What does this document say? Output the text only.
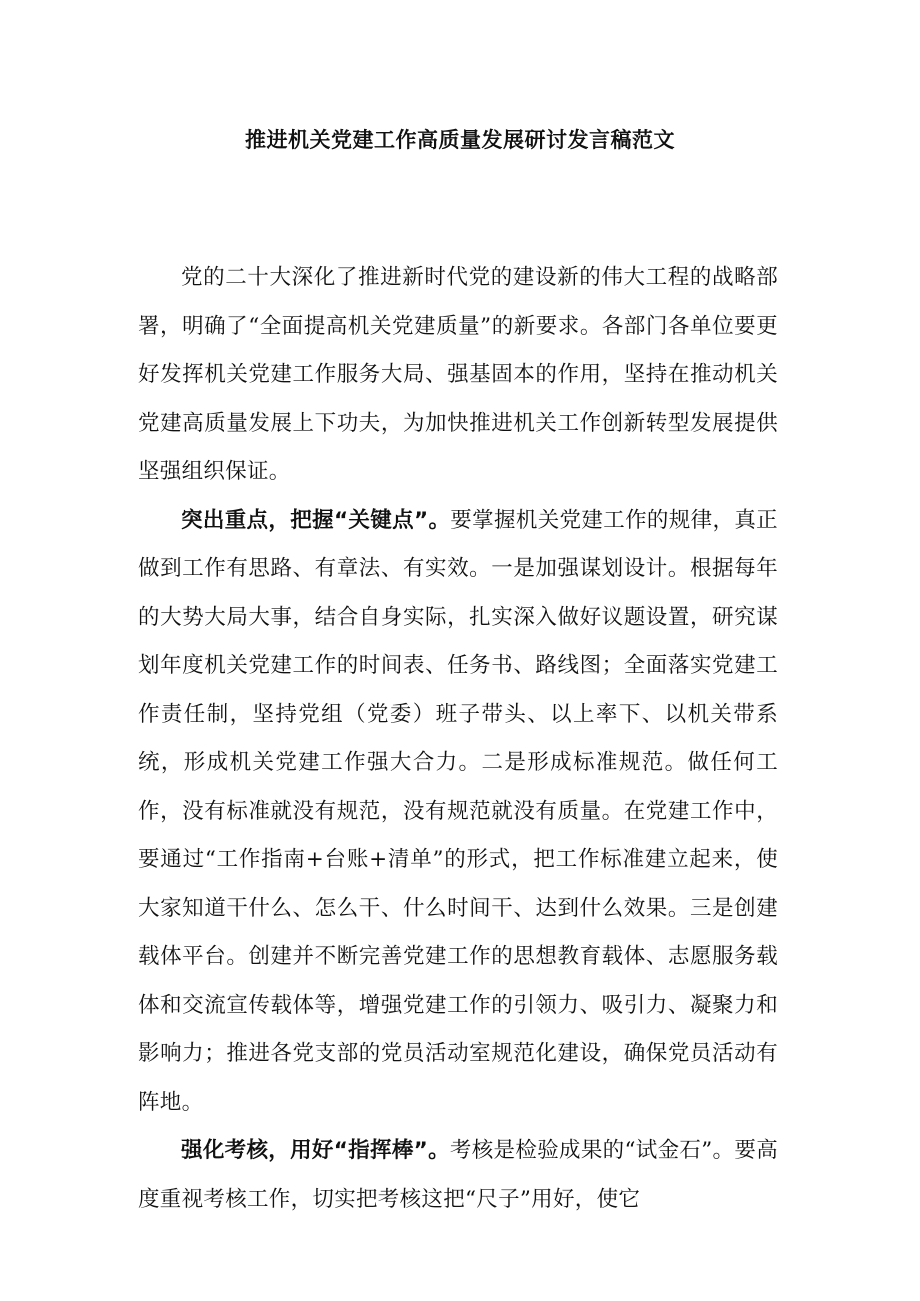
推进机关党建工作高质量发展研讨发言稿范文

党的二十大深化了推进新时代党的建设新的伟大工程的战略部署，明确了“全面提高机关党建质量”的新要求。各部门各单位要更好发挥机关党建工作服务大局、强基固本的作用，坚持在推动机关党建高质量发展上下功夫，为加快推进机关工作创新转型发展提供坚强组织保证。

突出重点，把握“关键点”。要掌握机关党建工作的规律，真正做到工作有思路、有章法、有实效。一是加强谋划设计。根据每年的大势大局大事，结合自身实际，扎实深入做好议题设置，研究谋划年度机关党建工作的时间表、任务书、路线图；全面落实党建工作责任制，坚持党组（党委）班子带头、以上率下、以机关带系统，形成机关党建工作强大合力。二是形成标准规范。做任何工作，没有标准就没有规范，没有规范就没有质量。在党建工作中，要通过“工作指南+台账+清单”的形式，把工作标准建立起来，使大家知道干什么、怎么干、什么时间干、达到什么效果。三是创建载体平台。创建并不断完善党建工作的思想教育载体、志愿服务载体和交流宣传载体等，增强党建工作的引领力、吸引力、凝聚力和影响力；推进各党支部的党员活动室规范化建设，确保党员活动有阵地。

强化考核，用好“指挥棒”。考核是检验成果的“试金石”。要高度重视考核工作，切实把考核这把“尺子”用好，使它
